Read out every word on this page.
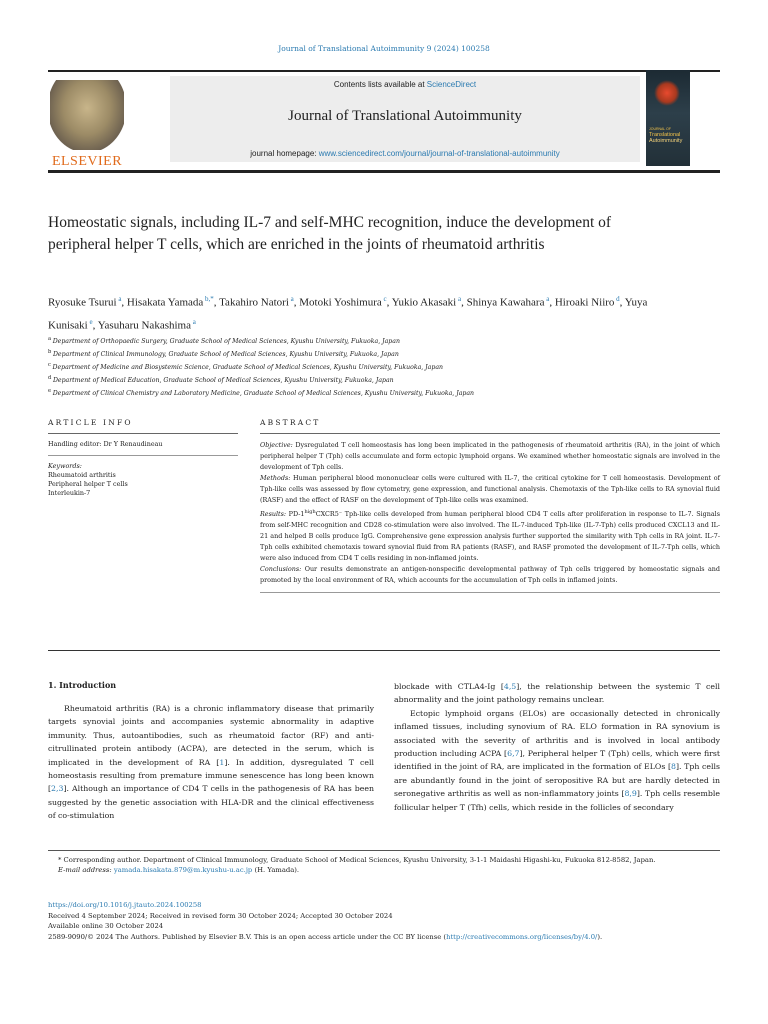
Journal of Translational Autoimmunity 9 (2024) 100258
ELSEVIER
Contents lists available at ScienceDirect
Journal of Translational Autoimmunity
journal homepage: www.sciencedirect.com/journal/journal-of-translational-autoimmunity
JOURNAL OF
Translational
Autoimmunity
Homeostatic signals, including IL-7 and self-MHC recognition, induce the development of peripheral helper T cells, which are enriched in the joints of rheumatoid arthritis
Ryosuke Tsurui $^a$, Hisakata Yamada $^{b,*}$, Takahiro Natori $^a$, Motoki Yoshimura $^c$, Yukio Akasaki $^a$, Shinya Kawahara $^a$, Hiroaki Niiro $^d$, Yuya Kunisaki $^e$, Yasuharu Nakashima $^a$
$^a$ Department of Orthopaedic Surgery, Graduate School of Medical Sciences, Kyushu University, Fukuoka, Japan
$^b$ Department of Clinical Immunology, Graduate School of Medical Sciences, Kyushu University, Fukuoka, Japan
$^c$ Department of Medicine and Biosystemic Science, Graduate School of Medical Sciences, Kyushu University, Fukuoka, Japan
$^d$ Department of Medical Education, Graduate School of Medical Sciences, Kyushu University, Fukuoka, Japan
$^e$ Department of Clinical Chemistry and Laboratory Medicine, Graduate School of Medical Sciences, Kyushu University, Fukuoka, Japan
ARTICLE INFO
Handling editor: Dr Y Renaudineau
Keywords:
Rheumatoid arthritis
Peripheral helper T cells
Interleukin-7
ABSTRACT
Objective: Dysregulated T cell homeostasis has long been implicated in the pathogenesis of rheumatoid arthritis (RA), in the joint of which peripheral helper T (Tph) cells accumulate and form ectopic lymphoid organs. We examined whether homeostatic signals are involved in the development of Tph cells.
Methods: Human peripheral blood mononuclear cells were cultured with IL-7, the critical cytokine for T cell homeostasis. Development of Tph-like cells was assessed by flow cytometry, gene expression, and functional analysis. Chemotaxis of the Tph-like cells to RA synovial fluid (RASF) and the effect of RASF on the development of Tph-like cells was examined.
Results: $PD-1^{high}CXCR5^-$ Tph-like cells developed from human peripheral blood CD4 T cells after proliferation in response to IL-7. Signals from self-MHC recognition and CD28 co-stimulation were also involved. The IL-7-induced Tph-like (IL-7-Tph) cells produced CXCL13 and IL-21 and helped B cells produce IgG. Comprehensive gene expression analysis further supported the similarity with Tph cells in RA joint. IL-7-Tph cells exhibited chemotaxis toward synovial fluid from RA patients (RASF), and RASF promoted the development of IL-7-Tph cells, which were also induced from CD4 T cells residing in non-inflamed joints.
Conclusions: Our results demonstrate an antigen-nonspecific developmental pathway of Tph cells triggered by homeostatic signals and promoted by the local environment of RA, which accounts for the accumulation of Tph cells in inflamed joints.
1. Introduction
Rheumatoid arthritis (RA) is a chronic inflammatory disease that primarily targets synovial joints and accompanies systemic abnormality in adaptive immunity. Thus, autoantibodies, such as rheumatoid factor (RF) and anti-citrullinated protein antibody (ACPA), are detected in the serum, which is implicated in the development of RA [1]. In addition, dysregulated T cell homeostasis resulting from premature immune senescence has long been known [2,3]. Although an importance of CD4 T cells in the pathogenesis of RA has been suggested by the genetic association with HLA-DR and the clinical effectiveness of co-stimulation
blockade with CTLA4-Ig [4,5], the relationship between the systemic T cell abnormality and the joint pathology remains unclear.
Ectopic lymphoid organs (ELOs) are occasionally detected in chronically inflamed tissues, including synovium of RA. ELO formation in RA synovium is associated with the severity of arthritis and is involved in local antibody production including ACPA [6,7], Peripheral helper T (Tph) cells, which were first identified in the joint of RA, are implicated in the formation of ELOs [8]. Tph cells are abundantly found in the joint of seropositive RA but are hardly detected in seronegative arthritis as well as non-inflammatory joints [8,9]. Tph cells resemble follicular helper T (Tfh) cells, which reside in the follicles of secondary
* Corresponding author. Department of Clinical Immunology, Graduate School of Medical Sciences, Kyushu University, 3-1-1 Maidashi Higashi-ku, Fukuoka 812-8582, Japan.
E-mail address: yamada.hisakata.879@m.kyushu-u.ac.jp (H. Yamada).
https://doi.org/10.1016/j.jtauto.2024.100258
Received 4 September 2024; Received in revised form 30 October 2024; Accepted 30 October 2024
Available online 30 October 2024
2589-9090/© 2024 The Authors. Published by Elsevier B.V. This is an open access article under the CC BY license (http://creativecommons.org/licenses/by/4.0/).
